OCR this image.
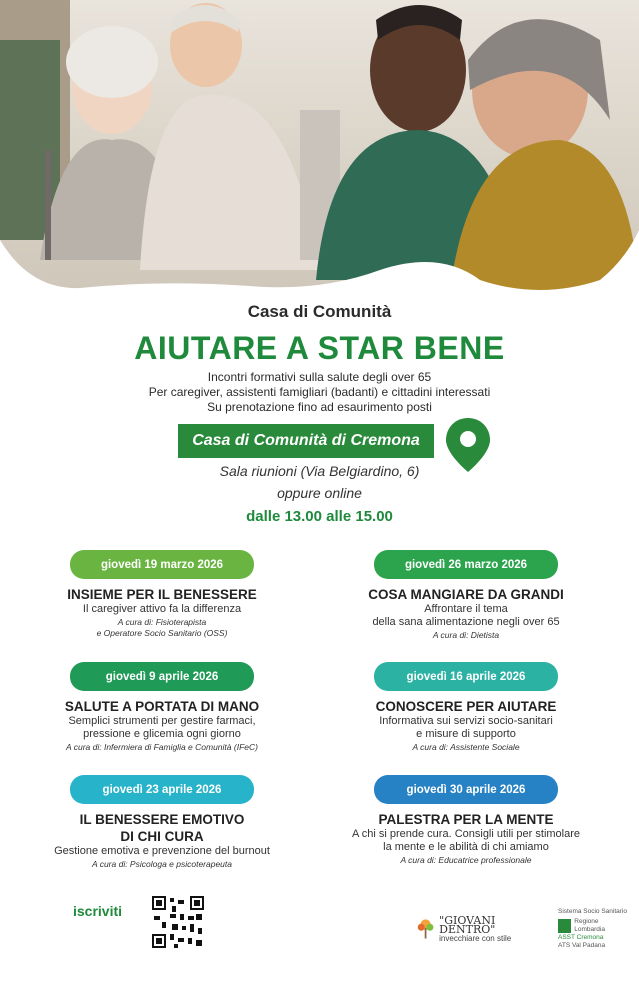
Casa di Comunità
AIUTARE A STAR BENE
Incontri formativi sulla salute degli over 65
Per caregiver, assistenti famigliari (badanti) e cittadini interessati
Su prenotazione fino ad esaurimento posti
Casa di Comunità di Cremona
Sala riunioni (Via Belgiardino, 6)
oppure online
dalle 13.00 alle 15.00
giovedì 19 marzo 2026
INSIEME PER IL BENESSERE
Il caregiver attivo fa la differenza
A cura di: Fisioterapista
e Operatore Socio Sanitario (OSS)
giovedì 26 marzo 2026
COSA MANGIARE DA GRANDI
Affrontare il tema
della sana alimentazione negli over 65
A cura di: Dietista
giovedì 9 aprile 2026
SALUTE A PORTATA DI MANO
Semplici strumenti per gestire farmaci,
pressione e glicemia ogni giorno
A cura di: Infermiera di Famiglia e Comunità (IFeC)
giovedì 16 aprile 2026
CONOSCERE PER AIUTARE
Informativa sui servizi socio-sanitari
e misure di supporto
A cura di: Assistente Sociale
giovedì 23 aprile 2026
IL BENESSERE EMOTIVO
DI CHI CURA
Gestione emotiva e prevenzione del burnout
A cura di: Psicologa e psicoterapeuta
giovedì 30 aprile 2026
PALESTRA PER LA MENTE
A chi si prende cura. Consigli utili per stimolare
la mente e le abilità di chi amiamo
A cura di: Educatrice professionale
iscriviti
"GIOVANI DENTRO"
invecchiare con stile
Sistema Socio Sanitario
Regione Lombardia
ASST Cremona
ATS Val Padana
